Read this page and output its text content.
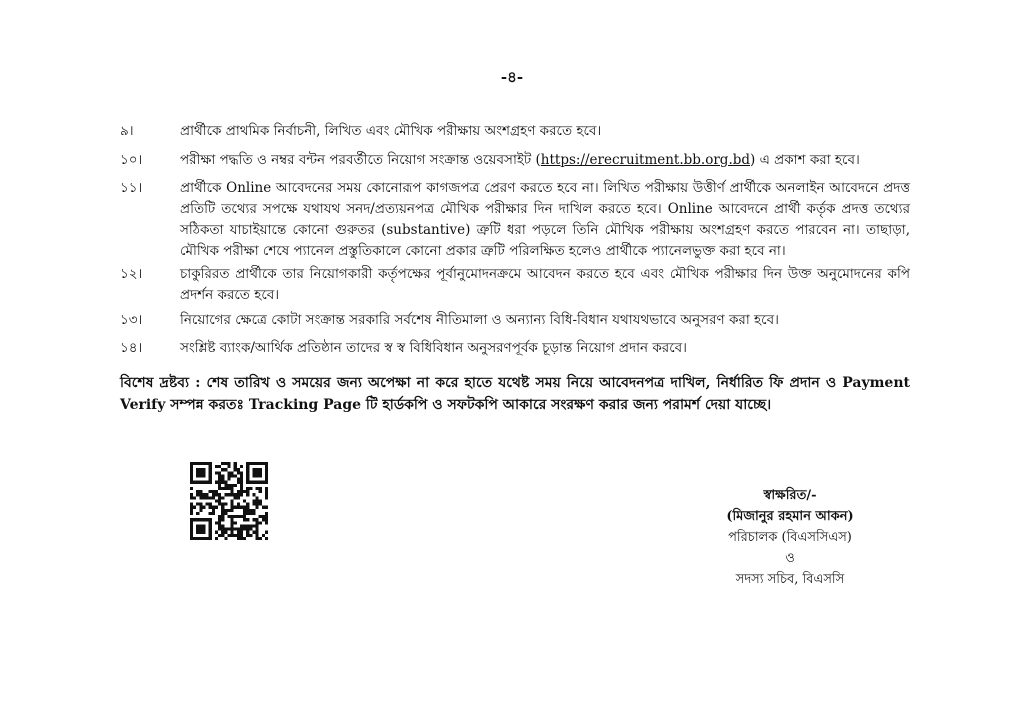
-৪-
৯।	প্রার্থীকে প্রাথমিক নির্বাচনী, লিখিত এবং মৌখিক পরীক্ষায় অংশগ্রহণ করতে হবে।
১০।	পরীক্ষা পদ্ধতি ও নম্বর বন্টন পরবর্তীতে নিয়োগ সংক্রান্ত ওয়েবসাইট (https://erecruitment.bb.org.bd) এ প্রকাশ করা হবে।
১১।	প্রার্থীকে Online আবেদনের সময় কোনোরূপ কাগজপত্র প্রেরণ করতে হবে না। লিখিত পরীক্ষায় উত্তীর্ণ প্রার্থীকে অনলাইন আবেদনে প্রদত্ত প্রতিটি তথ্যের সপক্ষে যথাযথ সনদ/প্রত্যয়নপত্র মৌখিক পরীক্ষার দিন দাখিল করতে হবে। Online আবেদনে প্রার্থী কর্তৃক প্রদত্ত তথ্যের সঠিকতা যাচাইয়ান্তে কোনো গুরুতর (substantive) ত্রুটি ধরা পড়লে তিনি মৌখিক পরীক্ষায় অংশগ্রহণ করতে পারবেন না। তাছাড়া, মৌখিক পরীক্ষা শেষে প্যানেল প্রস্তুতিকালে কোনো প্রকার ত্রুটি পরিলক্ষিত হলেও প্রার্থীকে প্যানেলভুক্ত করা হবে না।
১২।	চাকুরিরত প্রার্থীকে তার নিয়োগকারী কর্তৃপক্ষের পূর্বানুমোদনক্রমে আবেদন করতে হবে এবং মৌখিক পরীক্ষার দিন উক্ত অনুমোদনের কপি প্রদর্শন করতে হবে।
১৩।	নিয়োগের ক্ষেত্রে কোটা সংক্রান্ত সরকারি সর্বশেষ নীতিমালা ও অন্যান্য বিধি-বিধান যথাযথভাবে অনুসরণ করা হবে।
১৪।	সংশ্লিষ্ট ব্যাংক/আর্থিক প্রতিষ্ঠান তাদের স্ব স্ব বিধিবিধান অনুসরণপূর্বক চূড়ান্ত নিয়োগ প্রদান করবে।
বিশেষ দ্রষ্টব্য : শেষ তারিখ ও সময়ের জন্য অপেক্ষা না করে হাতে যথেষ্ট সময় নিয়ে আবেদনপত্র দাখিল, নির্ধারিত ফি প্রদান ও Payment Verify সম্পন্ন করতঃ Tracking Page টি হার্ডকপি ও সফটকপি আকারে সংরক্ষণ করার জন্য পরামর্শ দেয়া যাচ্ছে।
স্বাক্ষরিত/-
(মিজানুর রহমান আকন)
পরিচালক (বিএসসিএস)
ও
সদস্য সচিব, বিএসসি
